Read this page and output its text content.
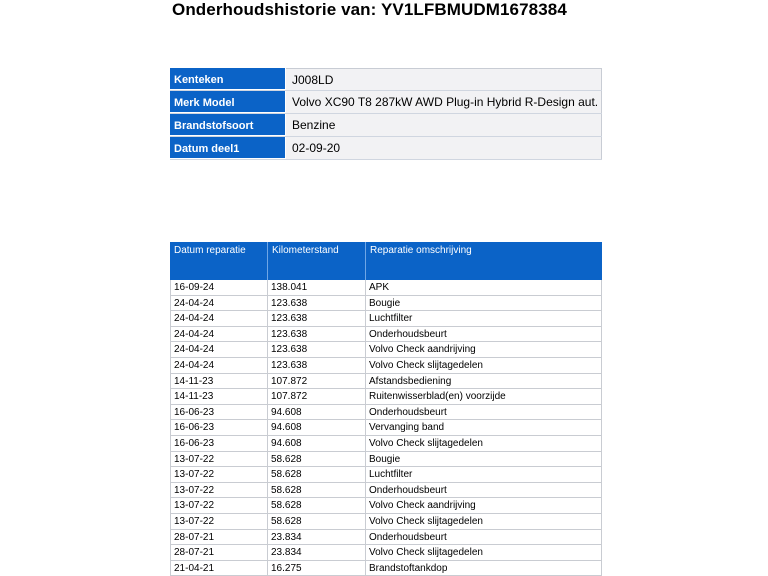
Onderhoudshistorie van: YV1LFBMUDM1678384
Kenteken	J008LD
Merk Model	Volvo XC90 T8 287kW AWD Plug-in Hybrid R-Design aut.
Brandstofsoort	Benzine
Datum deel1	02-09-20
Datum reparatie	Kilometerstand	Reparatie omschrijving
16-09-24	138.041	APK
24-04-24	123.638	Bougie
24-04-24	123.638	Luchtfilter
24-04-24	123.638	Onderhoudsbeurt
24-04-24	123.638	Volvo Check aandrijving
24-04-24	123.638	Volvo Check slijtagedelen
14-11-23	107.872	Afstandsbediening
14-11-23	107.872	Ruitenwisserblad(en) voorzijde
16-06-23	94.608	Onderhoudsbeurt
16-06-23	94.608	Vervanging band
16-06-23	94.608	Volvo Check slijtagedelen
13-07-22	58.628	Bougie
13-07-22	58.628	Luchtfilter
13-07-22	58.628	Onderhoudsbeurt
13-07-22	58.628	Volvo Check aandrijving
13-07-22	58.628	Volvo Check slijtagedelen
28-07-21	23.834	Onderhoudsbeurt
28-07-21	23.834	Volvo Check slijtagedelen
21-04-21	16.275	Brandstoftankdop
